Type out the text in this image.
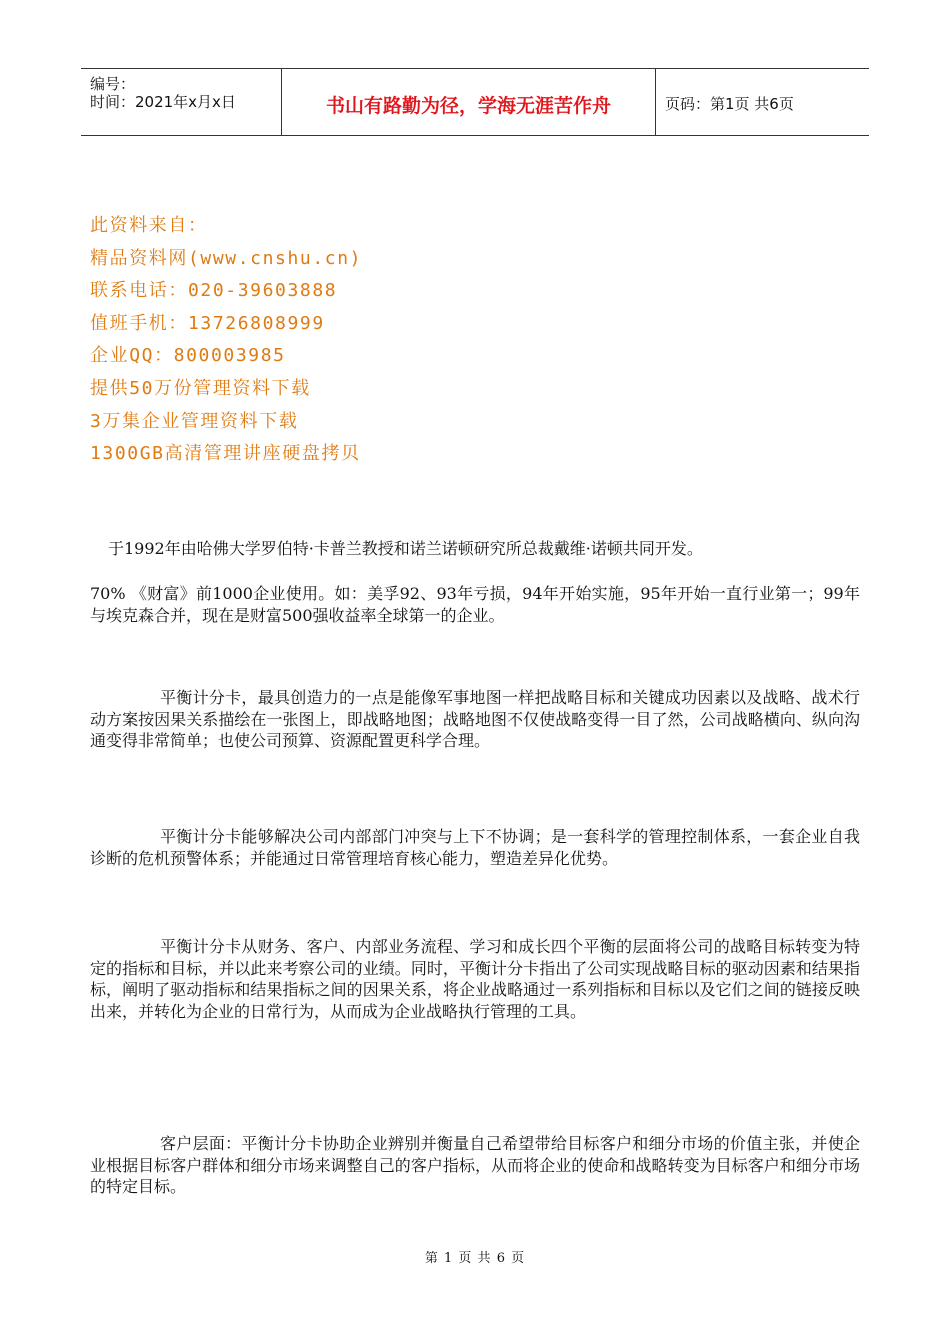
编号：
时间：2021年x月x日	书山有路勤为径，学海无涯苦作舟	页码：第1页 共6页
此资料来自：
精品资料网(www.cnshu.cn)
联系电话：020-39603888
值班手机：13726808999
企业QQ：800003985
提供50万份管理资料下载
3万集企业管理资料下载
1300GB高清管理讲座硬盘拷贝

于1992年由哈佛大学罗伯特·卡普兰教授和诺兰诺顿研究所总裁戴维·诺顿共同开发。

70% 《财富》前1000企业使用。如：美孚92、93年亏损，94年开始实施，95年开始一直行业第一；99年与埃克森合并，现在是财富500强收益率全球第一的企业。

平衡计分卡，最具创造力的一点是能像军事地图一样把战略目标和关键成功因素以及战略、战术行动方案按因果关系描绘在一张图上，即战略地图；战略地图不仅使战略变得一目了然，公司战略横向、纵向沟通变得非常简单；也使公司预算、资源配置更科学合理。

平衡计分卡能够解决公司内部部门冲突与上下不协调；是一套科学的管理控制体系，一套企业自我诊断的危机预警体系；并能通过日常管理培育核心能力，塑造差异化优势。

平衡计分卡从财务、客户、内部业务流程、学习和成长四个平衡的层面将公司的战略目标转变为特定的指标和目标，并以此来考察公司的业绩。同时，平衡计分卡指出了公司实现战略目标的驱动因素和结果指标，阐明了驱动指标和结果指标之间的因果关系，将企业战略通过一系列指标和目标以及它们之间的链接反映出来，并转化为企业的日常行为，从而成为企业战略执行管理的工具。

客户层面：平衡计分卡协助企业辨别并衡量自己希望带给目标客户和细分市场的价值主张，并使企业根据目标客户群体和细分市场来调整自己的客户指标，从而将企业的使命和战略转变为目标客户和细分市场的特定目标。

第 1 页 共 6 页
